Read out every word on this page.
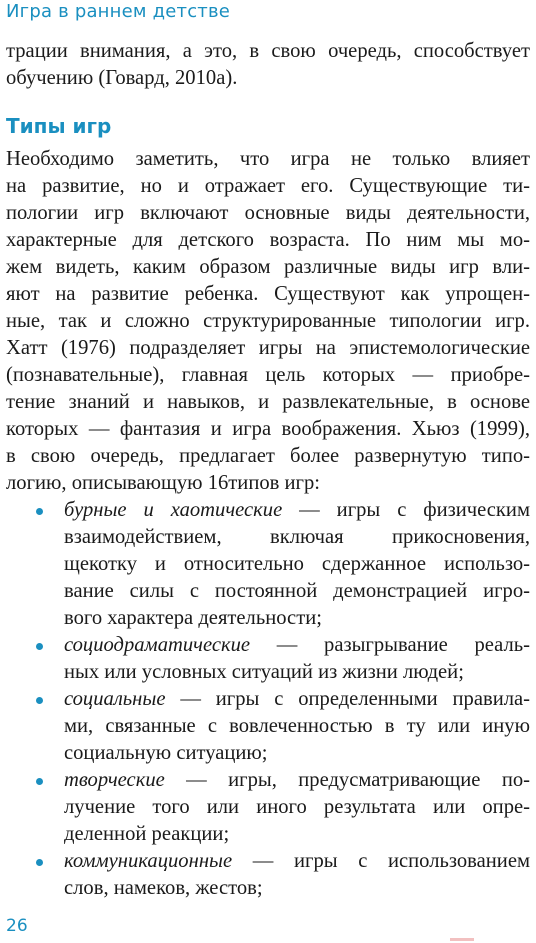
Игра в раннем детстве

трации внимания, а это, в свою очередь, способствует
обучению (Говард, 2010а).

Типы игр

Необходимо заметить, что игра не только влияет
на развитие, но и отражает его. Существующие ти-
пологии игр включают основные виды деятельности,
характерные для детского возраста. По ним мы мо-
жем видеть, каким образом различные виды игр вли-
яют на развитие ребенка. Существуют как упрощен-
ные, так и сложно структурированные типологии игр.
Хатт (1976) подразделяет игры на эпистемологические
(познавательные), главная цель которых — приобре-
тение знаний и навыков, и развлекательные, в основе
которых — фантазия и игра воображения. Хьюз (1999),
в свою очередь, предлагает более развернутую типо-
логию, описывающую 16типов игр:

бурные и хаотические — игры с физическим
взаимодействием, включая прикосновения,
щекотку и относительно сдержанное использо-
вание силы с постоянной демонстрацией игро-
вого характера деятельности;
социодраматические — разыгрывание реаль-
ных или условных ситуаций из жизни людей;
социальные — игры с определенными правила-
ми, связанные с вовлеченностью в ту или иную
социальную ситуацию;
творческие — игры, предусматривающие по-
лучение того или иного результата или опре-
деленной реакции;
коммуникационные — игры с использованием
слов, намеков, жестов;
26
